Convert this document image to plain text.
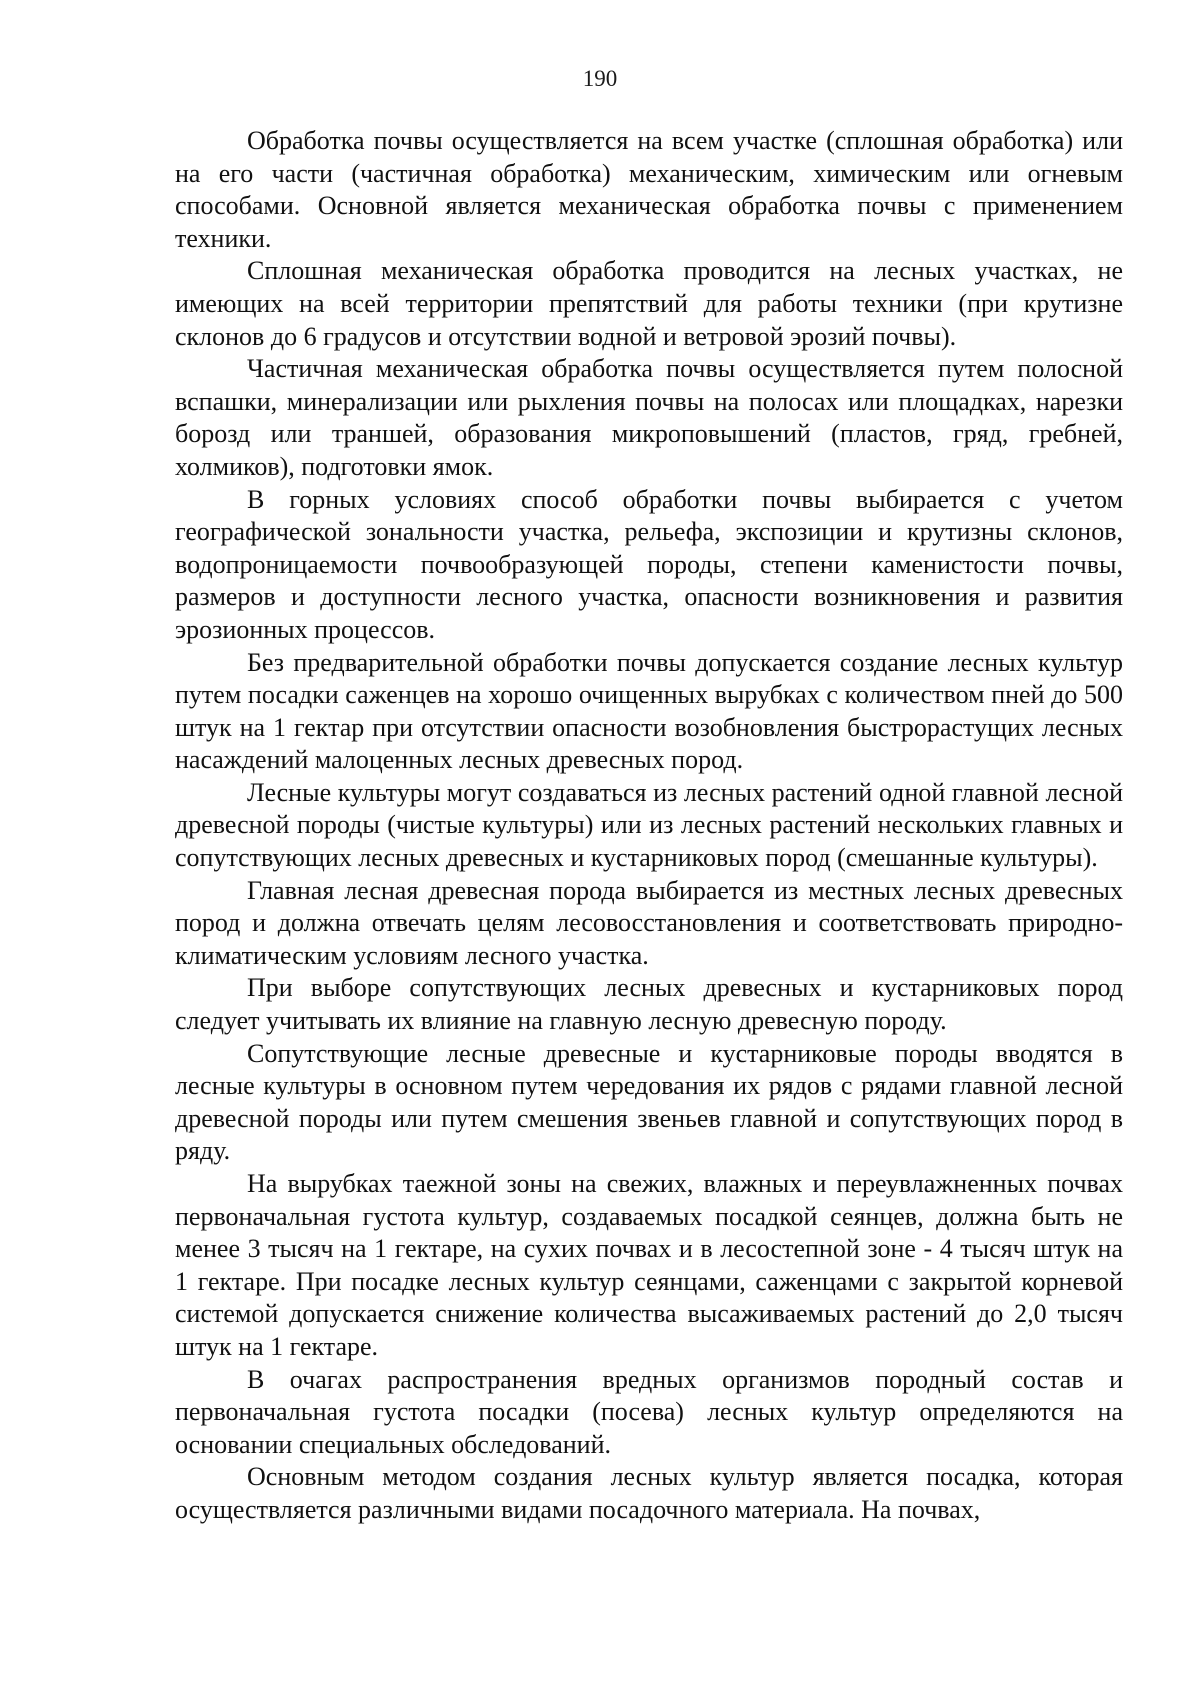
190

Обработка почвы осуществляется на всем участке (сплошная обработка) или на его части (частичная обработка) механическим, химическим или огневым способами. Основной является механическая обработка почвы с применением техники.

Сплошная механическая обработка проводится на лесных участках, не имеющих на всей территории препятствий для работы техники (при крутизне склонов до 6 градусов и отсутствии водной и ветровой эрозий почвы).

Частичная механическая обработка почвы осуществляется путем полосной вспашки, минерализации или рыхления почвы на полосах или площадках, нарезки борозд или траншей, образования микроповышений (пластов, гряд, гребней, холмиков), подготовки ямок.

В горных условиях способ обработки почвы выбирается с учетом географической зональности участка, рельефа, экспозиции и крутизны склонов, водопроницаемости почвообразующей породы, степени каменистости почвы, размеров и доступности лесного участка, опасности возникновения и развития эрозионных процессов.

Без предварительной обработки почвы допускается создание лесных культур путем посадки саженцев на хорошо очищенных вырубках с количеством пней до 500 штук на 1 гектар при отсутствии опасности возобновления быстрорастущих лесных насаждений малоценных лесных древесных пород.

Лесные культуры могут создаваться из лесных растений одной главной лесной древесной породы (чистые культуры) или из лесных растений нескольких главных и сопутствующих лесных древесных и кустарниковых пород (смешанные культуры).

Главная лесная древесная порода выбирается из местных лесных древесных пород и должна отвечать целям лесовосстановления и соответствовать природно-климатическим условиям лесного участка.

При выборе сопутствующих лесных древесных и кустарниковых пород следует учитывать их влияние на главную лесную древесную породу.

Сопутствующие лесные древесные и кустарниковые породы вводятся в лесные культуры в основном путем чередования их рядов с рядами главной лесной древесной породы или путем смешения звеньев главной и сопутствующих пород в ряду.

На вырубках таежной зоны на свежих, влажных и переувлажненных почвах первоначальная густота культур, создаваемых посадкой сеянцев, должна быть не менее 3 тысяч на 1 гектаре, на сухих почвах и в лесостепной зоне - 4 тысяч штук на 1 гектаре. При посадке лесных культур сеянцами, саженцами с закрытой корневой системой допускается снижение количества высаживаемых растений до 2,0 тысяч штук на 1 гектаре.

В очагах распространения вредных организмов породный состав и первоначальная густота посадки (посева) лесных культур определяются на основании специальных обследований.

Основным методом создания лесных культур является посадка, которая осуществляется различными видами посадочного материала. На почвах,
